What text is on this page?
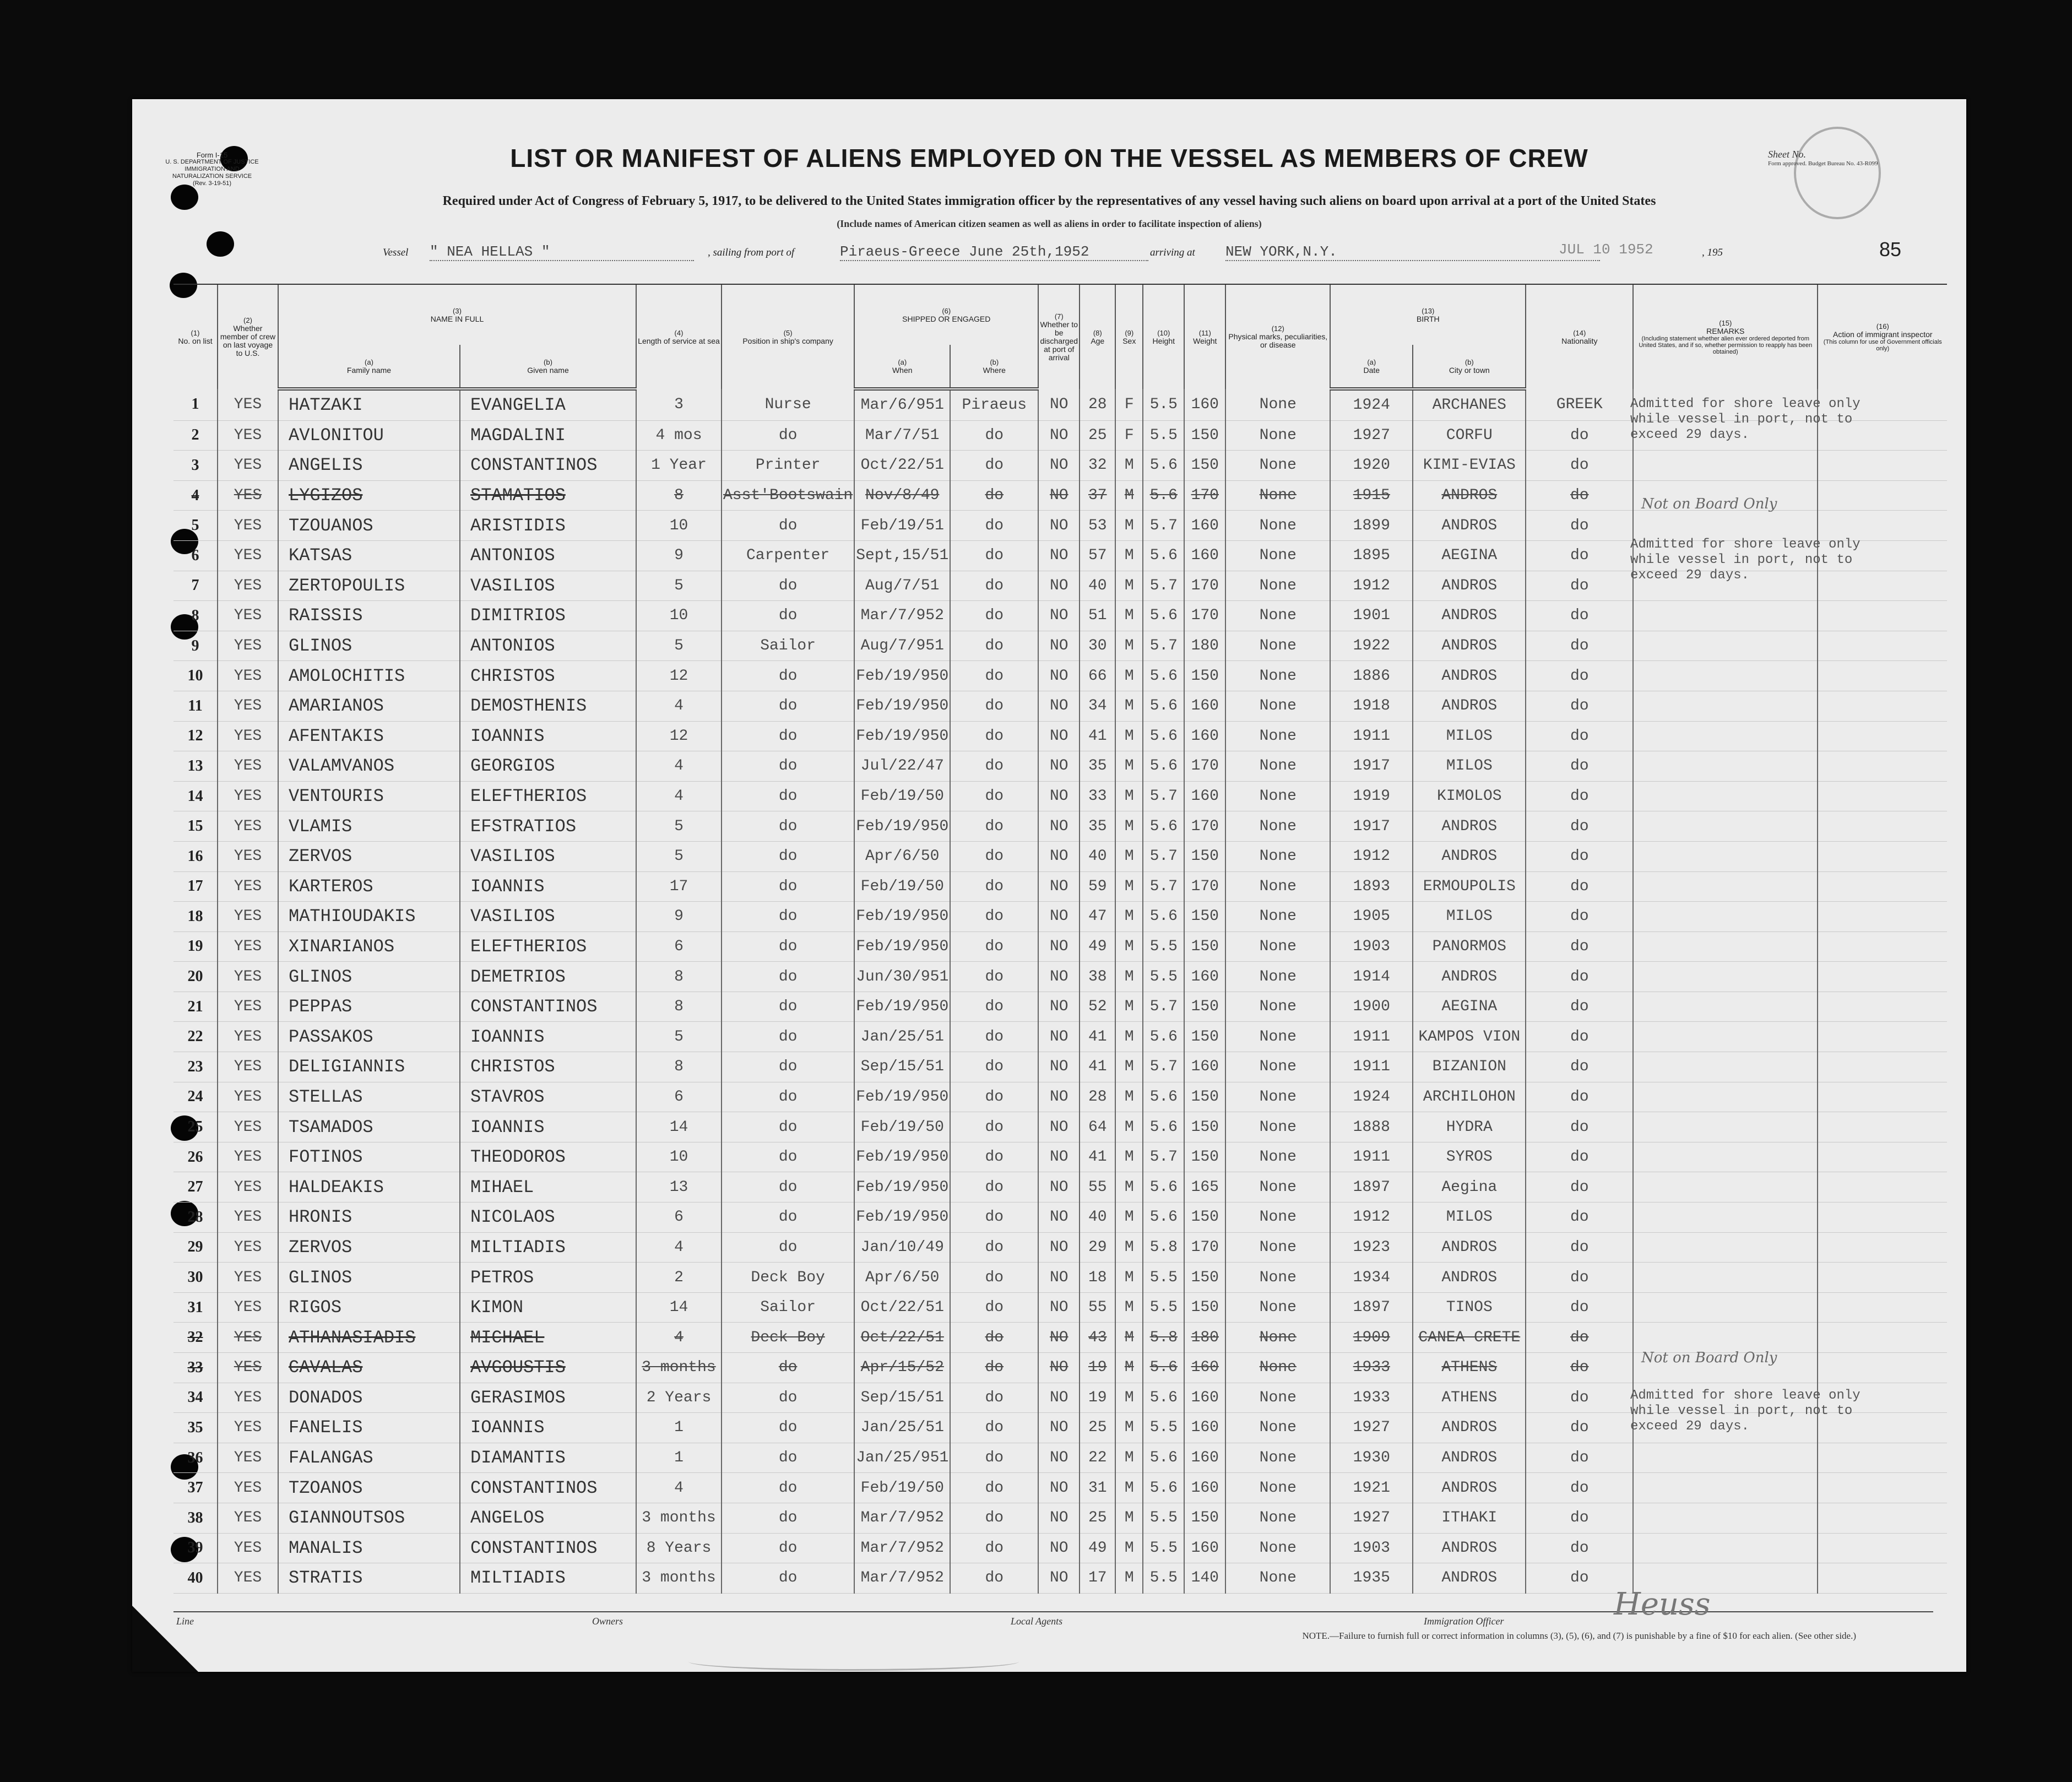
Form I-15
U. S. DEPARTMENT OF JUSTICE IMMIGRATION AND NATURALIZATION SERVICE
(Rev. 3-19-51)
LIST OR MANIFEST OF ALIENS EMPLOYED ON THE VESSEL AS MEMBERS OF CREW
Required under Act of Congress of February 5, 1917, to be delivered to the United States immigration officer by the representatives of any vessel having such aliens on board upon arrival at a port of the United States
(Include names of American citizen seamen as well as aliens in order to facilitate inspection of aliens)
Sheet No.
Form approved. Budget Bureau No. 43-R099
85
Vessel " NEA HELLAS "	, sailing from port of	Piraeus-Greece June 25th,1952	arriving at NEW YORK,N.Y.	JUL 10 1952	, 195
(1)
No. on list	(2)
Whether member of crew on last voyage to U.S.	(3)
NAME IN FULL		(4)
Length of service at sea	(5)
Position in ship's company	(6)
SHIPPED OR ENGAGED		(7)
Whether to be discharged at port of arrival	(8)
Age	(9)
Sex	(10)
Height	(11)
Weight	(12)
Physical marks, peculiarities, or disease	(13)
BIRTH		(14)
Nationality	(15)
REMARKS

(Including statement whether alien ever ordered deported from United States, and if so, whether permission to reapply has been obtained)	(16)
Action of immigrant inspector

(This column for use of Government officials only)

		(a)
Family name	(b)
Given name			(a)
When	(b)
Where							(a)
Date	(b)
City or town			
1	YES	HATZAKI	EVANGELIA	3	Nurse	Mar/6/951	Piraeus	NO	28	F	5.5	160	None	1924	ARCHANES	GREEK		
2	YES	AVLONITOU	MAGDALINI	4 mos	do	Mar/7/51	do	NO	25	F	5.5	150	None	1927	CORFU	do		
3	YES	ANGELIS	CONSTANTINOS	1 Year	Printer	Oct/22/51	do	NO	32	M	5.6	150	None	1920	KIMI-EVIAS	do		
4	YES	LYGIZOS	STAMATIOS	8	Asst'Bootswain	Nov/8/49	do	NO	37	M	5.6	170	None	1915	ANDROS	do		
5	YES	TZOUANOS	ARISTIDIS	10	do	Feb/19/51	do	NO	53	M	5.7	160	None	1899	ANDROS	do		
6	YES	KATSAS	ANTONIOS	9	Carpenter	Sept,15/51	do	NO	57	M	5.6	160	None	1895	AEGINA	do		
7	YES	ZERTOPOULIS	VASILIOS	5	do	Aug/7/51	do	NO	40	M	5.7	170	None	1912	ANDROS	do		
8	YES	RAISSIS	DIMITRIOS	10	do	Mar/7/952	do	NO	51	M	5.6	170	None	1901	ANDROS	do		
9	YES	GLINOS	ANTONIOS	5	Sailor	Aug/7/951	do	NO	30	M	5.7	180	None	1922	ANDROS	do		
10	YES	AMOLOCHITIS	CHRISTOS	12	do	Feb/19/950	do	NO	66	M	5.6	150	None	1886	ANDROS	do		
11	YES	AMARIANOS	DEMOSTHENIS	4	do	Feb/19/950	do	NO	34	M	5.6	160	None	1918	ANDROS	do		
12	YES	AFENTAKIS	IOANNIS	12	do	Feb/19/950	do	NO	41	M	5.6	160	None	1911	MILOS	do		
13	YES	VALAMVANOS	GEORGIOS	4	do	Jul/22/47	do	NO	35	M	5.6	170	None	1917	MILOS	do		
14	YES	VENTOURIS	ELEFTHERIOS	4	do	Feb/19/50	do	NO	33	M	5.7	160	None	1919	KIMOLOS	do		
15	YES	VLAMIS	EFSTRATIOS	5	do	Feb/19/950	do	NO	35	M	5.6	170	None	1917	ANDROS	do		
16	YES	ZERVOS	VASILIOS	5	do	Apr/6/50	do	NO	40	M	5.7	150	None	1912	ANDROS	do		
17	YES	KARTEROS	IOANNIS	17	do	Feb/19/50	do	NO	59	M	5.7	170	None	1893	ERMOUPOLIS	do		
18	YES	MATHIOUDAKIS	VASILIOS	9	do	Feb/19/950	do	NO	47	M	5.6	150	None	1905	MILOS	do		
19	YES	XINARIANOS	ELEFTHERIOS	6	do	Feb/19/950	do	NO	49	M	5.5	150	None	1903	PANORMOS	do		
20	YES	GLINOS	DEMETRIOS	8	do	Jun/30/951	do	NO	38	M	5.5	160	None	1914	ANDROS	do		
21	YES	PEPPAS	CONSTANTINOS	8	do	Feb/19/950	do	NO	52	M	5.7	150	None	1900	AEGINA	do		
22	YES	PASSAKOS	IOANNIS	5	do	Jan/25/51	do	NO	41	M	5.6	150	None	1911	KAMPOS VION	do		
23	YES	DELIGIANNIS	CHRISTOS	8	do	Sep/15/51	do	NO	41	M	5.7	160	None	1911	BIZANION	do		
24	YES	STELLAS	STAVROS	6	do	Feb/19/950	do	NO	28	M	5.6	150	None	1924	ARCHILOHON	do		
25	YES	TSAMADOS	IOANNIS	14	do	Feb/19/50	do	NO	64	M	5.6	150	None	1888	HYDRA	do		
26	YES	FOTINOS	THEODOROS	10	do	Feb/19/950	do	NO	41	M	5.7	150	None	1911	SYROS	do		
27	YES	HALDEAKIS	MIHAEL	13	do	Feb/19/950	do	NO	55	M	5.6	165	None	1897	Aegina	do		
28	YES	HRONIS	NICOLAOS	6	do	Feb/19/950	do	NO	40	M	5.6	150	None	1912	MILOS	do		
29	YES	ZERVOS	MILTIADIS	4	do	Jan/10/49	do	NO	29	M	5.8	170	None	1923	ANDROS	do		
30	YES	GLINOS	PETROS	2	Deck Boy	Apr/6/50	do	NO	18	M	5.5	150	None	1934	ANDROS	do		
31	YES	RIGOS	KIMON	14	Sailor	Oct/22/51	do	NO	55	M	5.5	150	None	1897	TINOS	do		
32	YES	ATHANASIADIS	MICHAEL	4	Deck Boy	Oct/22/51	do	NO	43	M	5.8	180	None	1909	CANEA CRETE	do		
33	YES	CAVALAS	AVGOUSTIS	3 months	do	Apr/15/52	do	NO	19	M	5.6	160	None	1933	ATHENS	do		
34	YES	DONADOS	GERASIMOS	2 Years	do	Sep/15/51	do	NO	19	M	5.6	160	None	1933	ATHENS	do		
35	YES	FANELIS	IOANNIS	1	do	Jan/25/51	do	NO	25	M	5.5	160	None	1927	ANDROS	do		
36	YES	FALANGAS	DIAMANTIS	1	do	Jan/25/951	do	NO	22	M	5.6	160	None	1930	ANDROS	do		
37	YES	TZOANOS	CONSTANTINOS	4	do	Feb/19/50	do	NO	31	M	5.6	160	None	1921	ANDROS	do		
38	YES	GIANNOUTSOS	ANGELOS	3 months	do	Mar/7/952	do	NO	25	M	5.5	150	None	1927	ITHAKI	do		
39	YES	MANALIS	CONSTANTINOS	8 Years	do	Mar/7/952	do	NO	49	M	5.5	160	None	1903	ANDROS	do		
40	YES	STRATIS	MILTIADIS	3 months	do	Mar/7/952	do	NO	17	M	5.5	140	None	1935	ANDROS	do		
Admitted for shore leave only while vessel in port, not to exceed 29 days.
Not on Board Only
Admitted for shore leave only while vessel in port, not to exceed 29 days.
Not on Board Only
Admitted for shore leave only while vessel in port, not to exceed 29 days.
Line	Owners	Local Agents	Immigration Officer	Heuss
NOTE.—Failure to furnish full or correct information in columns (3), (5), (6), and (7) is punishable by a fine of $10 for each alien. (See other side.)
